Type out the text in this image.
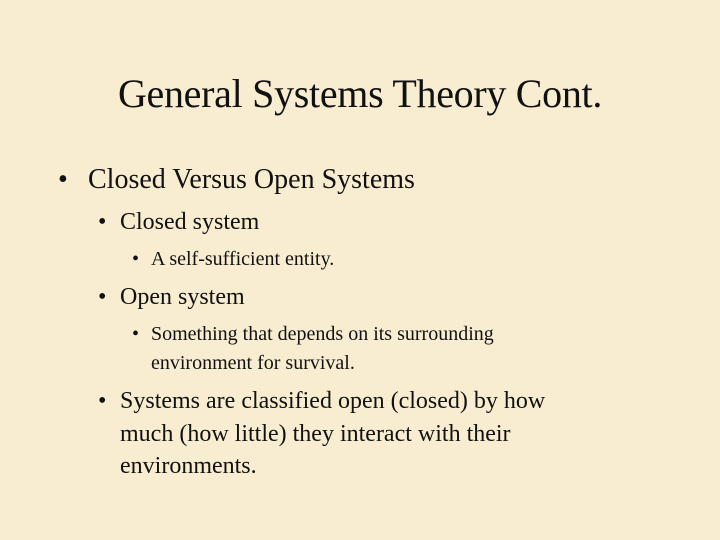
General Systems Theory Cont.
• Closed Versus Open Systems
• Closed system
• A self-sufficient entity.
• Open system
• Something that depends on its surrounding
environment for survival.
• Systems are classified open (closed) by how
much (how little) they interact with their
environments.
